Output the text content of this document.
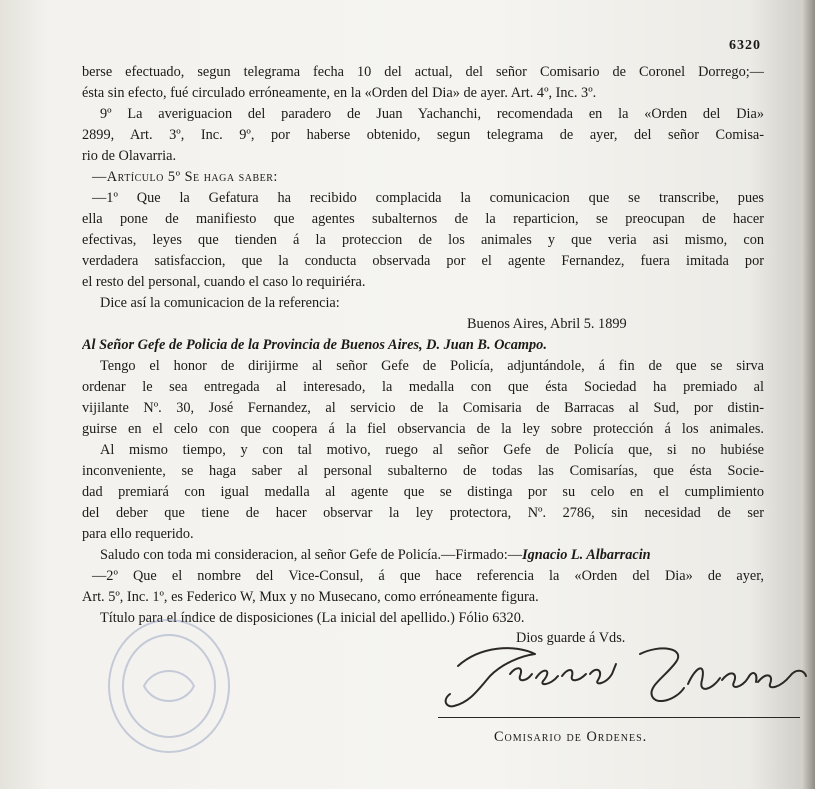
6320
berse efectuado, segun telegrama fecha 10 del actual, del señor Comisario de Coronel Dorrego;—
ésta sin efecto, fué circulado erróneamente, en la «Orden del Dia» de ayer. Art. 4º, Inc. 3º.
9º La averiguacion del paradero de Juan Yachanchi, recomendada en la «Orden del Dia»
2899, Art. 3º, Inc. 9º, por haberse obtenido, segun telegrama de ayer, del señor Comisa-
rio de Olavarria.
—Artículo 5º Se haga saber:
—1º Que la Gefatura ha recibido complacida la comunicacion que se transcribe, pues
ella pone de manifiesto que agentes subalternos de la reparticion, se preocupan de hacer
efectivas, leyes que tienden á la proteccion de los animales y que veria asi mismo, con
verdadera satisfaccion, que la conducta observada por el agente Fernandez, fuera imitada por
el resto del personal, cuando el caso lo requiriéra.
Dice así la comunicacion de la referencia:
Buenos Aires, Abril 5. 1899
Al Señor Gefe de Policia de la Provincia de Buenos Aires, D. Juan B. Ocampo.
Tengo el honor de dirijirme al señor Gefe de Policía, adjuntándole, á fin de que se sirva
ordenar le sea entregada al interesado, la medalla con que ésta Sociedad ha premiado al
vijilante Nº. 30, José Fernandez, al servicio de la Comisaria de Barracas al Sud, por distin-
guirse en el celo con que coopera á la fiel observancia de la ley sobre protección á los animales.
Al mismo tiempo, y con tal motivo, ruego al señor Gefe de Policía que, si no hubiése
inconveniente, se haga saber al personal subalterno de todas las Comisarías, que ésta Socie-
dad premiará con igual medalla al agente que se distinga por su celo en el cumplimiento
del deber que tiene de hacer observar la ley protectora, Nº. 2786, sin necesidad de ser
para ello requerido.
Saludo con toda mi consideracion, al señor Gefe de Policía.—Firmado:—Ignacio L. Albarracin
—2º Que el nombre del Vice-Consul, á que hace referencia la «Orden del Dia» de ayer,
Art. 5º, Inc. 1º, es Federico W, Mux y no Musecano, como erróneamente figura.
Título para el índice de disposiciones (La inicial del apellido.) Fólio 6320.
Dios guarde á Vds.
Comisario de Ordenes.
